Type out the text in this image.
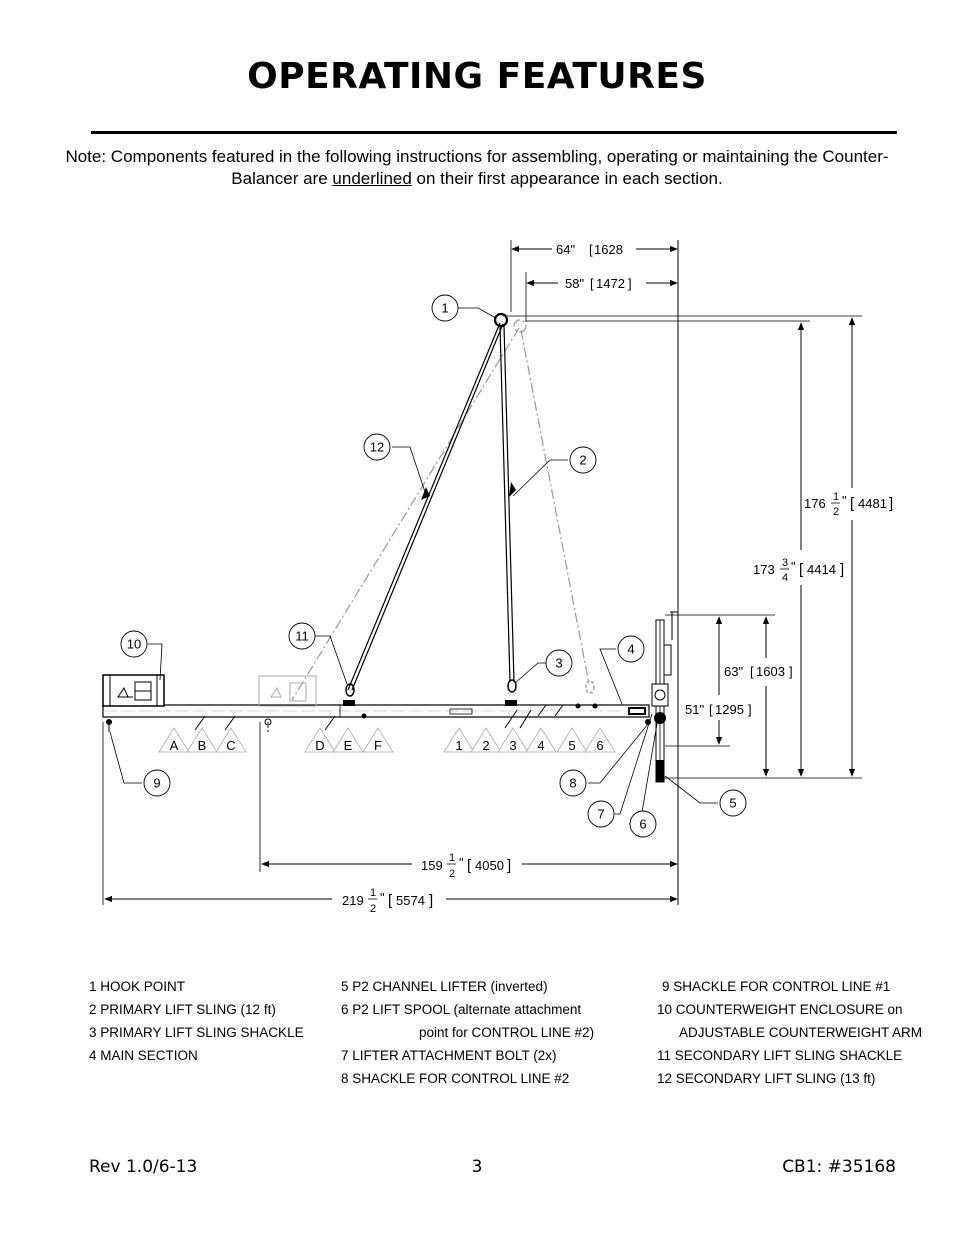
OPERATING FEATURES
Note: Components featured in the following instructions for assembling, operating or maintaining the Counter-Balancer are underlined on their first appearance in each section.
64" [ 1628
58" [ 1472 ]
176 1
2
" [ 4481 ]
173 3
4
" [ 4414 ]
63" [ 1603 ]
51" [ 1295 ]
159 1
2
" [ 4050 ]
219 1
2
" [ 5574 ]
A B C	D E F	1 2 3 4 5 6
1
2
3
4
5
6
7
8
9
10
11
12
1 HOOK POINT
2 PRIMARY LIFT SLING (12 ft)
3 PRIMARY LIFT SLING SHACKLE
4 MAIN SECTION
5 P2 CHANNEL LIFTER (inverted)
6 P2 LIFT SPOOL (alternate attachment
point for CONTROL LINE #2)
7 LIFTER ATTACHMENT BOLT (2x)
8 SHACKLE FOR CONTROL LINE #2
9 SHACKLE FOR CONTROL LINE #1
10 COUNTERWEIGHT ENCLOSURE on
ADJUSTABLE COUNTERWEIGHT ARM
11 SECONDARY LIFT SLING SHACKLE
12 SECONDARY LIFT SLING (13 ft)
Rev 1.0/6-13	3	CB1: #35168
